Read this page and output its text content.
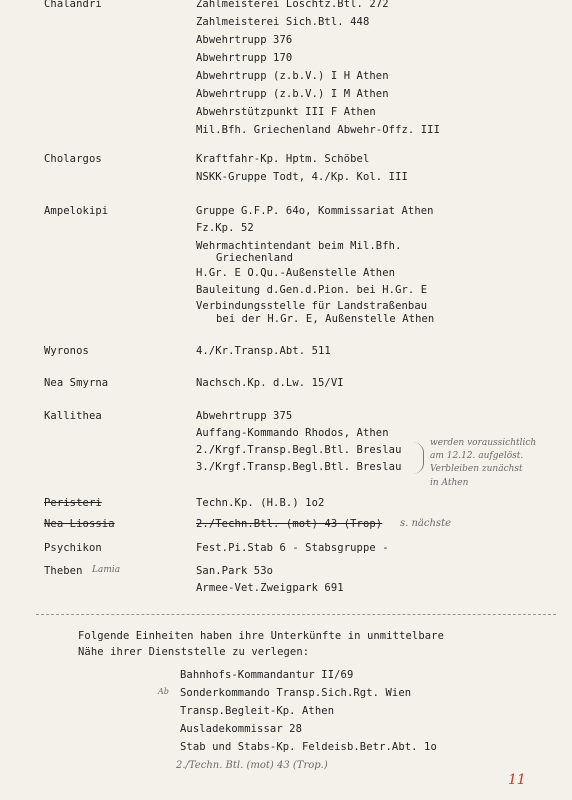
Chalandri	Zahlmeisterei Löschtz.Btl. 272
Zahlmeisterei Sich.Btl. 448
Abwehrtrupp 376
Abwehrtrupp 170
Abwehrtrupp (z.b.V.) I H Athen
Abwehrtrupp (z.b.V.) I M Athen
Abwehrstützpunkt III F Athen
Mil.Bfh. Griechenland Abwehr-Offz. III
Cholargos	Kraftfahr-Kp. Hptm. Schöbel
NSKK-Gruppe Todt, 4./Kp. Kol. III
Ampelokipi	Gruppe G.F.P. 64o, Kommissariat Athen
Fz.Kp. 52
Wehrmachtintendant beim Mil.Bfh.
Griechenland
H.Gr. E O.Qu.-Außenstelle Athen
Bauleitung d.Gen.d.Pion. bei H.Gr. E
Verbindungsstelle für Landstraßenbau
bei der H.Gr. E, Außenstelle Athen
Wyronos	4./Kr.Transp.Abt. 511
Nea Smyrna	Nachsch.Kp. d.Lw. 15/VI
Kallithea	Abwehrtrupp 375
Auffang-Kommando Rhodos, Athen
2./Krgf.Transp.Begl.Btl. Breslau
3./Krgf.Transp.Begl.Btl. Breslau
werden voraussichtlich
am 12.12. aufgelöst.
Verbleiben zunächst
in Athen
Peristeri	Techn.Kp. (H.B.) 1o2
Nea Liossia	2./Techn.Btl. (mot) 43 (Trop) s. nächste
Psychikon	Fest.Pi.Stab 6 - Stabsgruppe -
Theben Lamia	San.Park 53o
Armee-Vet.Zweigpark 691
Folgende Einheiten haben ihre Unterkünfte in unmittelbare
Nähe ihrer Dienststelle zu verlegen:
Bahnhofs-Kommandantur II/69
Ab Sonderkommando Transp.Sich.Rgt. Wien
Transp.Begleit-Kp. Athen
Ausladekommissar 28
Stab und Stabs-Kp. Feldeisb.Betr.Abt. 1o
2./Techn. Btl. (mot) 43 (Trop.)
11
